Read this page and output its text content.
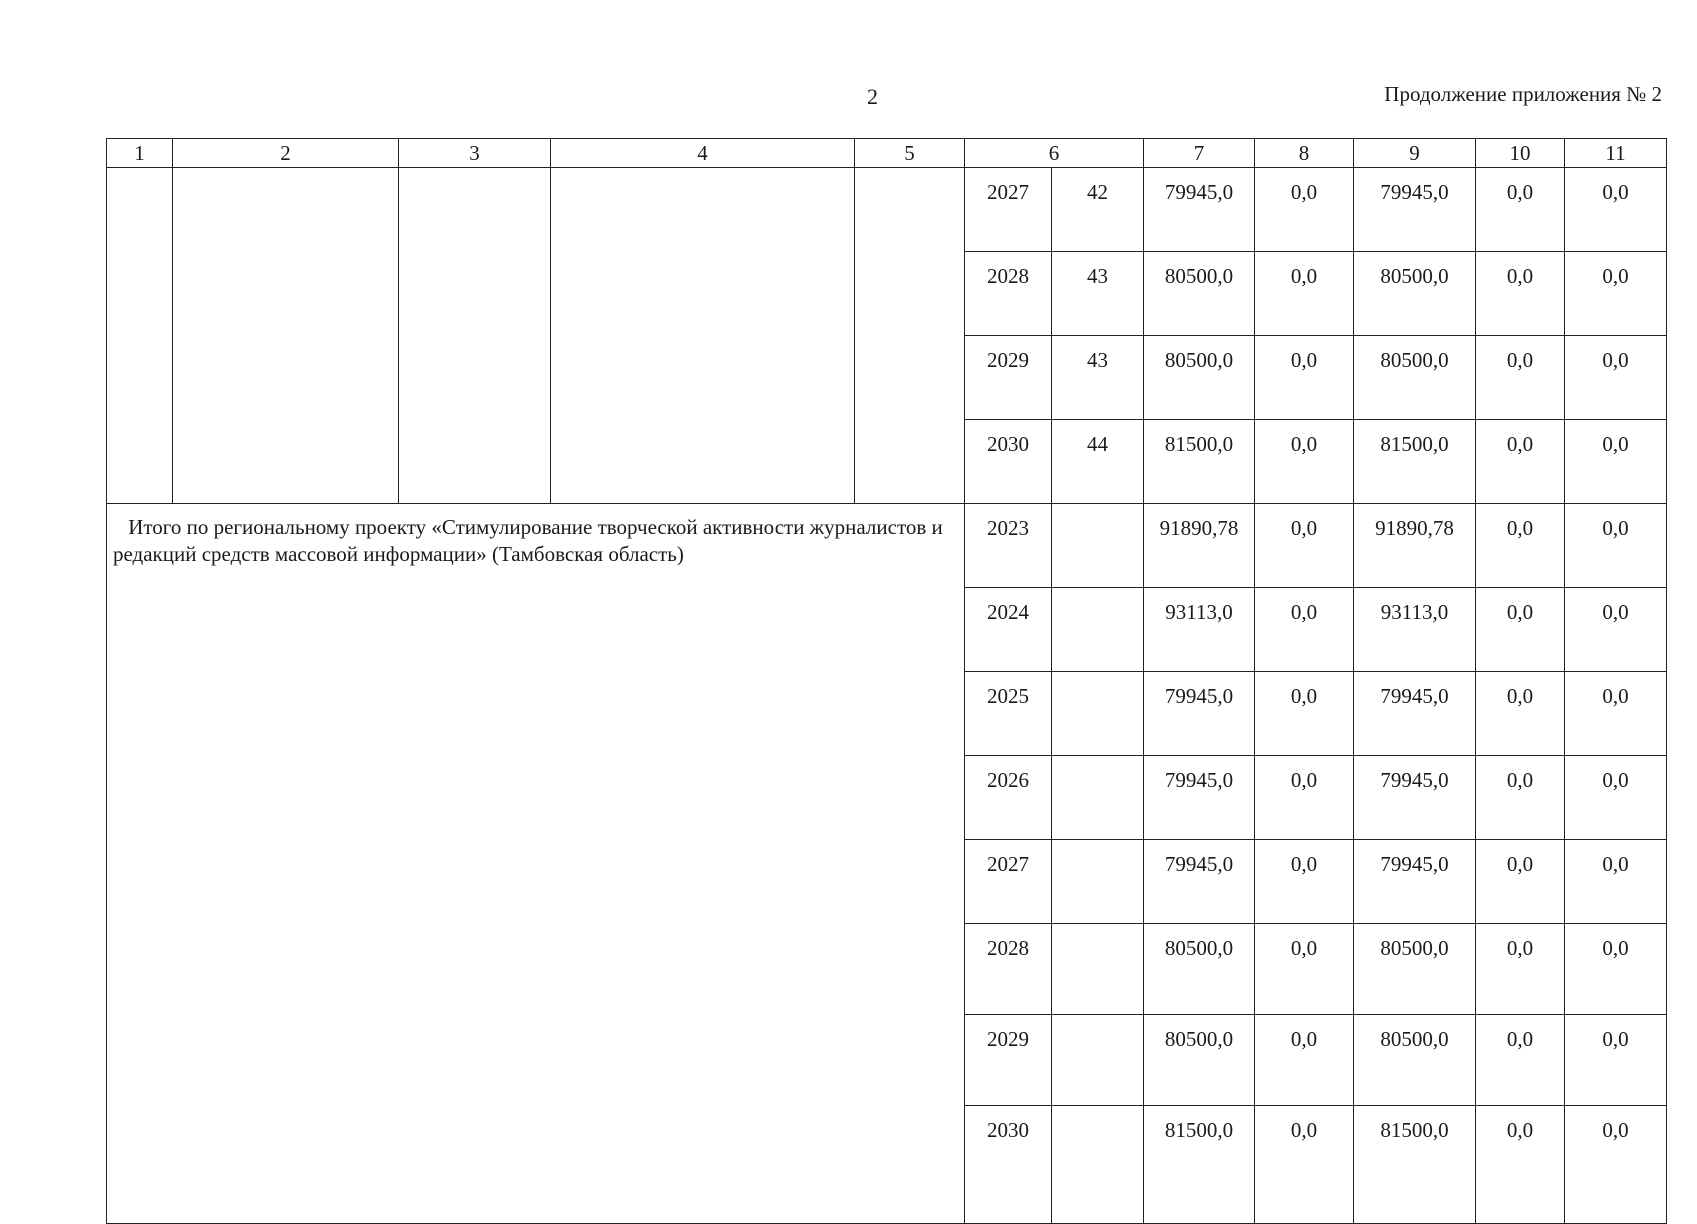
2	Продолжение приложения № 2
1	2	3	4	5	6		7	8	9	10	11
					2027	42	79945,0	0,0	79945,0	0,0	0,0
					2028	43	80500,0	0,0	80500,0	0,0	0,0
					2029	43	80500,0	0,0	80500,0	0,0	0,0
					2030	44	81500,0	0,0	81500,0	0,0	0,0
Итого по региональному проекту «Стимулирование творческой активности журналистов и редакций средств массовой информации» (Тамбовская область)					2023		91890,78	0,0	91890,78	0,0	0,0
					2024		93113,0	0,0	93113,0	0,0	0,0
					2025		79945,0	0,0	79945,0	0,0	0,0
					2026		79945,0	0,0	79945,0	0,0	0,0
					2027		79945,0	0,0	79945,0	0,0	0,0
					2028		80500,0	0,0	80500,0	0,0	0,0
					2029		80500,0	0,0	80500,0	0,0	0,0
					2030		81500,0	0,0	81500,0	0,0	0,0
